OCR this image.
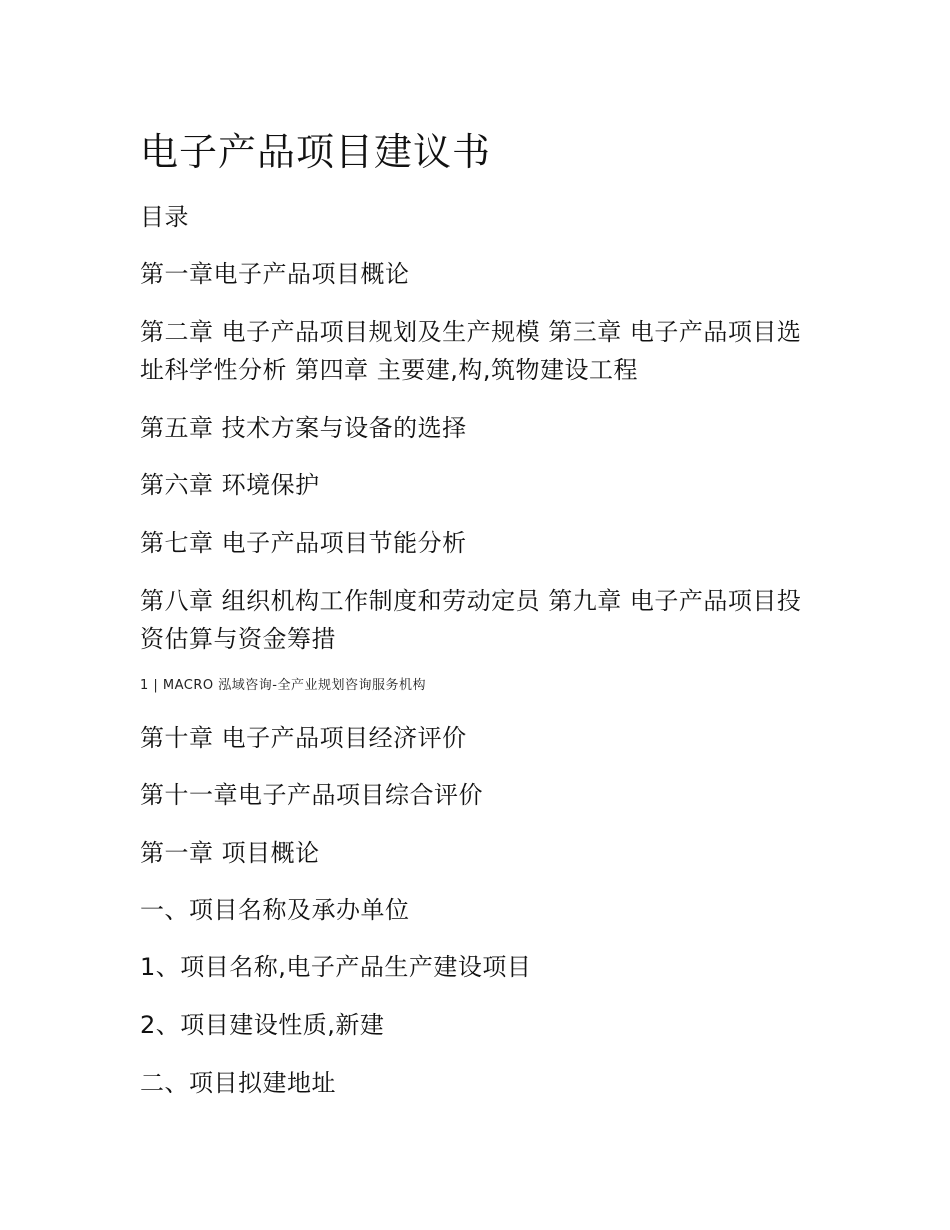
电子产品项目建议书

目录

第一章电子产品项目概论

第二章 电子产品项目规划及生产规模 第三章 电子产品项目选址科学性分析 第四章 主要建,构,筑物建设工程

第五章 技术方案与设备的选择

第六章 环境保护

第七章 电子产品项目节能分析

第八章 组织机构工作制度和劳动定员 第九章 电子产品项目投资估算与资金筹措

1 | MACRO 泓域咨询-全产业规划咨询服务机构

第十章 电子产品项目经济评价

第十一章电子产品项目综合评价

第一章 项目概论

一、项目名称及承办单位

1、项目名称,电子产品生产建设项目

2、项目建设性质,新建

二、项目拟建地址
